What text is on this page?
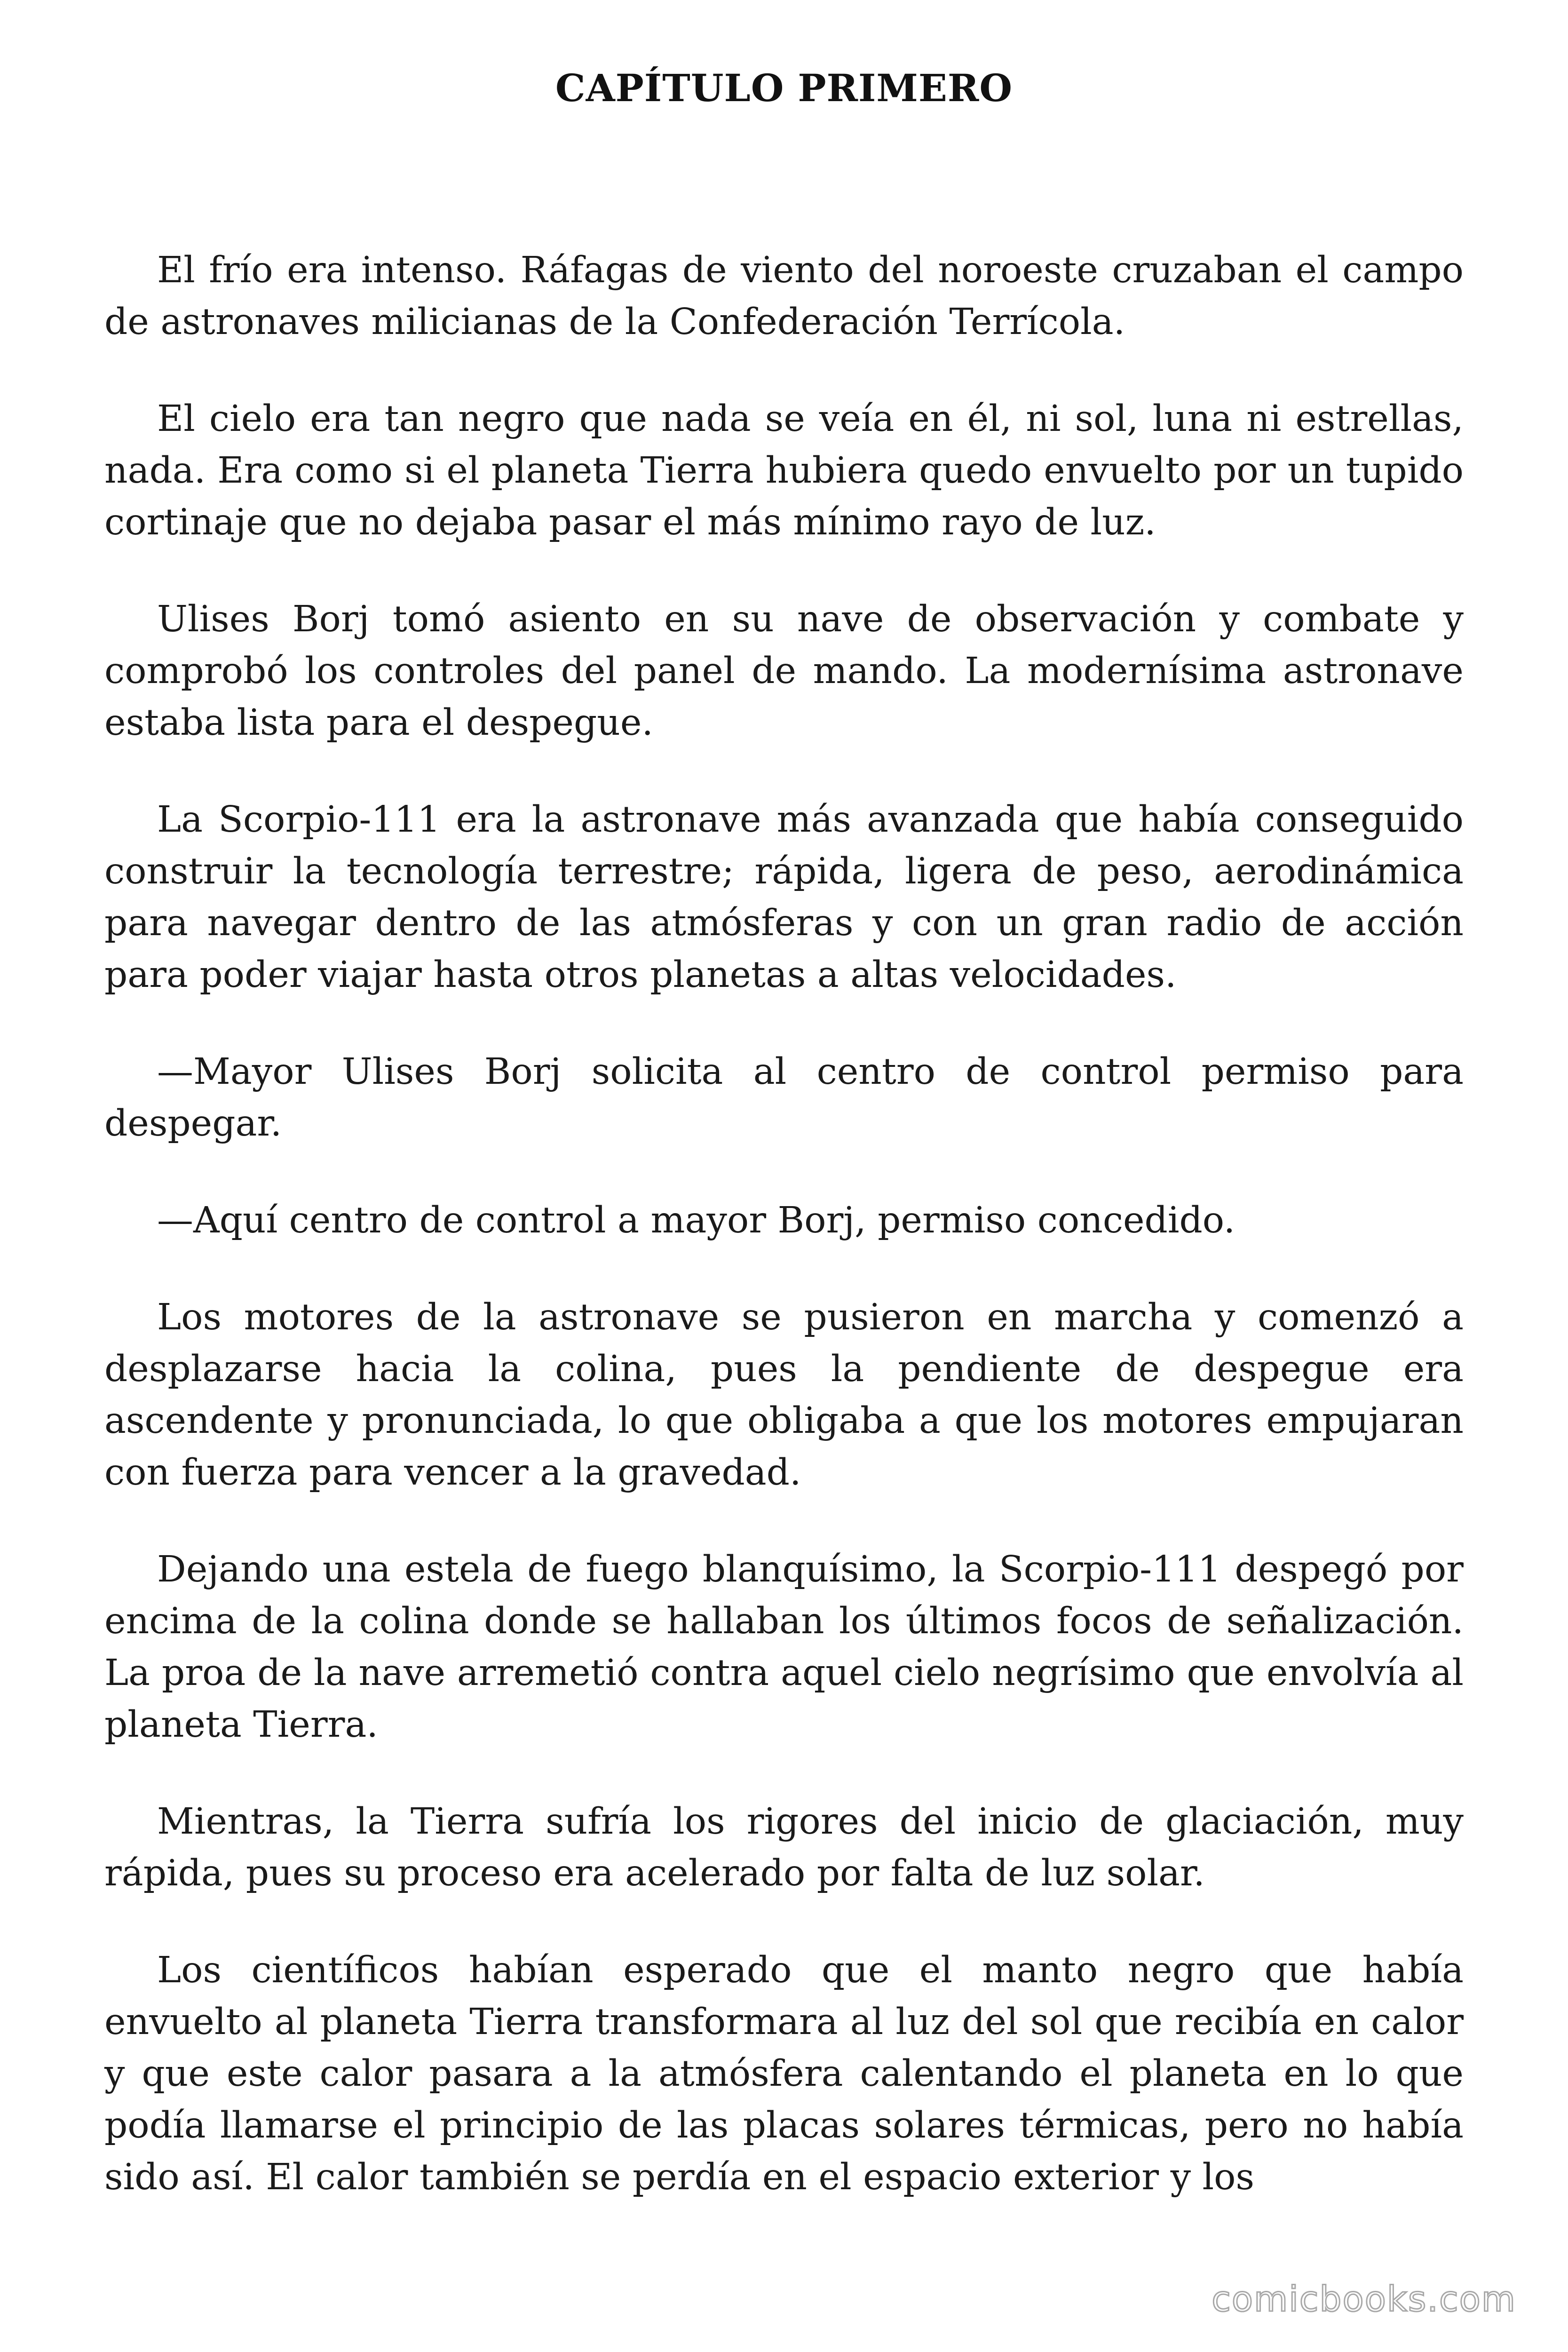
CAPÍTULO PRIMERO

El frío era intenso. Ráfagas de viento del noroeste cruzaban el campo de astronaves milicianas de la Confederación Terrícola.

El cielo era tan negro que nada se veía en él, ni sol, luna ni estrellas, nada. Era como si el planeta Tierra hubiera quedo envuelto por un tupido cortinaje que no dejaba pasar el más mínimo rayo de luz.

Ulises Borj tomó asiento en su nave de observación y combate y comprobó los controles del panel de mando. La modernísima astronave estaba lista para el despegue.

La Scorpio-111 era la astronave más avanzada que había conseguido construir la tecnología terrestre; rápida, ligera de peso, aerodinámica para navegar dentro de las atmósferas y con un gran radio de acción para poder viajar hasta otros planetas a altas velocidades.

—Mayor Ulises Borj solicita al centro de control permiso para despegar.

—Aquí centro de control a mayor Borj, permiso concedido.

Los motores de la astronave se pusieron en marcha y comenzó a desplazarse hacia la colina, pues la pendiente de despegue era ascendente y pronunciada, lo que obligaba a que los motores empujaran con fuerza para vencer a la gravedad.

Dejando una estela de fuego blanquísimo, la Scorpio-111 despegó por encima de la colina donde se hallaban los últimos focos de señalización. La proa de la nave arremetió contra aquel cielo negrísimo que envolvía al planeta Tierra.

Mientras, la Tierra sufría los rigores del inicio de glaciación, muy rápida, pues su proceso era acelerado por falta de luz solar.

Los científicos habían esperado que el manto negro que había envuelto al planeta Tierra transformara al luz del sol que recibía en calor y que este calor pasara a la atmósfera calentando el planeta en lo que podía llamarse el principio de las placas solares térmicas, pero no había sido así. El calor también se perdía en el espacio exterior y los

comicbooks.com
